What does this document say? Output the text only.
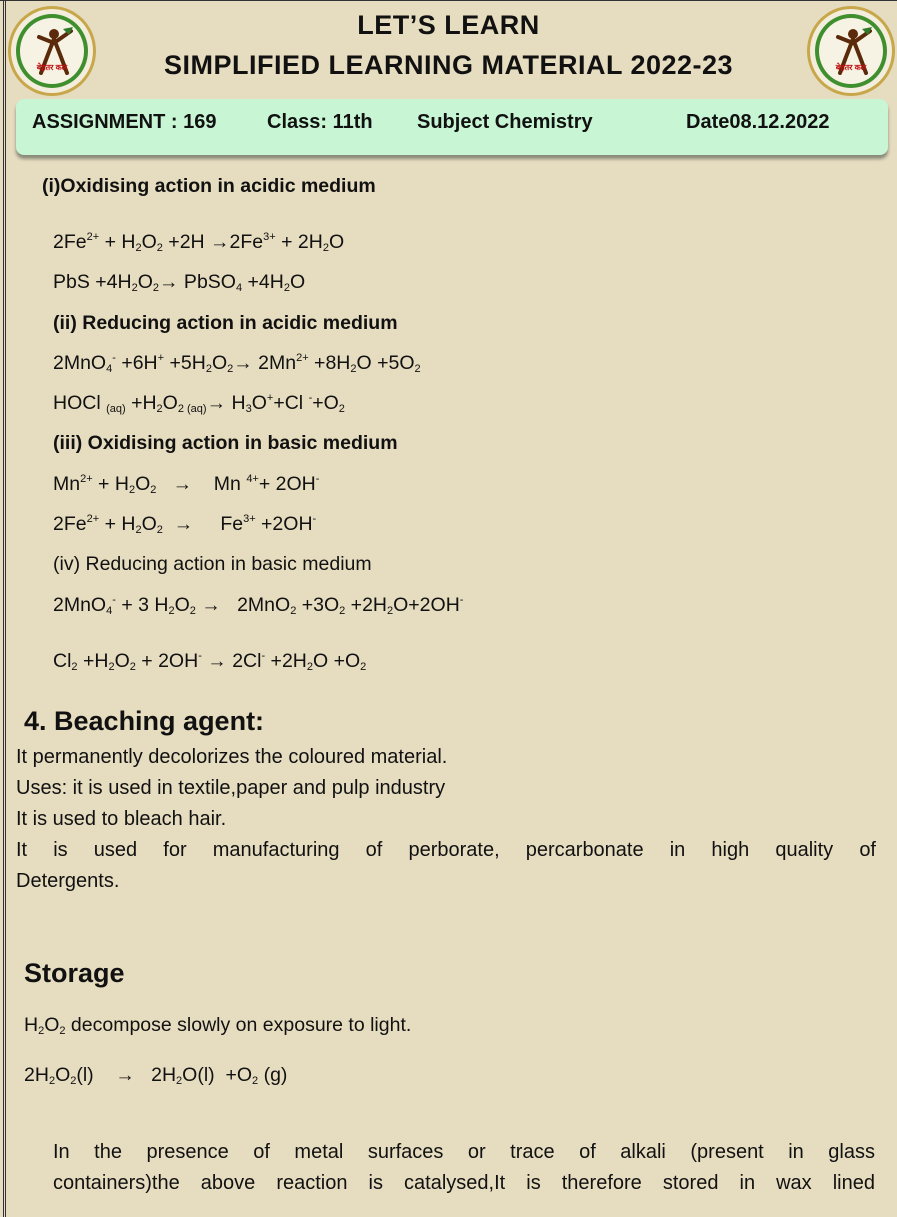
बेहतर कल	बेहतर कल
LET’S LEARN
SIMPLIFIED LEARNING MATERIAL 2022-23
ASSIGNMENT : 169	Class: 11th Subject Chemistry	Date08.12.2022
(i)Oxidising action in acidic medium
$2Fe^{2+} + H_2O_2 +2H \to 2Fe^{3+} + 2H_2O$
PbS $+4H_2O_2\to$ PbSO$_4$ $+4H_2O$
(ii) Reducing action in acidic medium
$2MnO_4^- +6H^+ +5H_2O_2\to 2Mn^{2+} +8H_2O +5O_2$
HOCl $_{(aq)} +H_2O_{2 (aq)}\to H_3O^++Cl$ $^-+O_2$
(iii) Oxidising action in basic medium
$Mn^{2+} + H_2O_2$   →    Mn $^{4+}$+ 2OH-
$2Fe^{2+} + H_2O_2$  →     $Fe^{3+} +2OH^-$
(iv) Reducing action in basic medium
2MnO$_4$- + 3 $H_2O_2 \to 2MnO_2 +3O_2 +2H_2O+2OH^-$
$Cl_2 +H_2O_2 + 2OH^- \to 2Cl^- +2H_2O +O_2$
4. Beaching agent:
It permanently decolorizes the coloured material.
Uses: it is used in textile,paper and pulp industry
It is used to bleach hair.
It is used for manufacturing of perborate, percarbonate in high quality of
Detergents.
Storage
$H_2O_2$ decompose slowly on exposure to light.
$2H_2O_2(l)$    →   $2H_2O(l) +O_2$ (g)
In the presence of metal surfaces or trace of alkali (present in glass
containers)the above reaction is catalysed,It is therefore stored in wax lined
